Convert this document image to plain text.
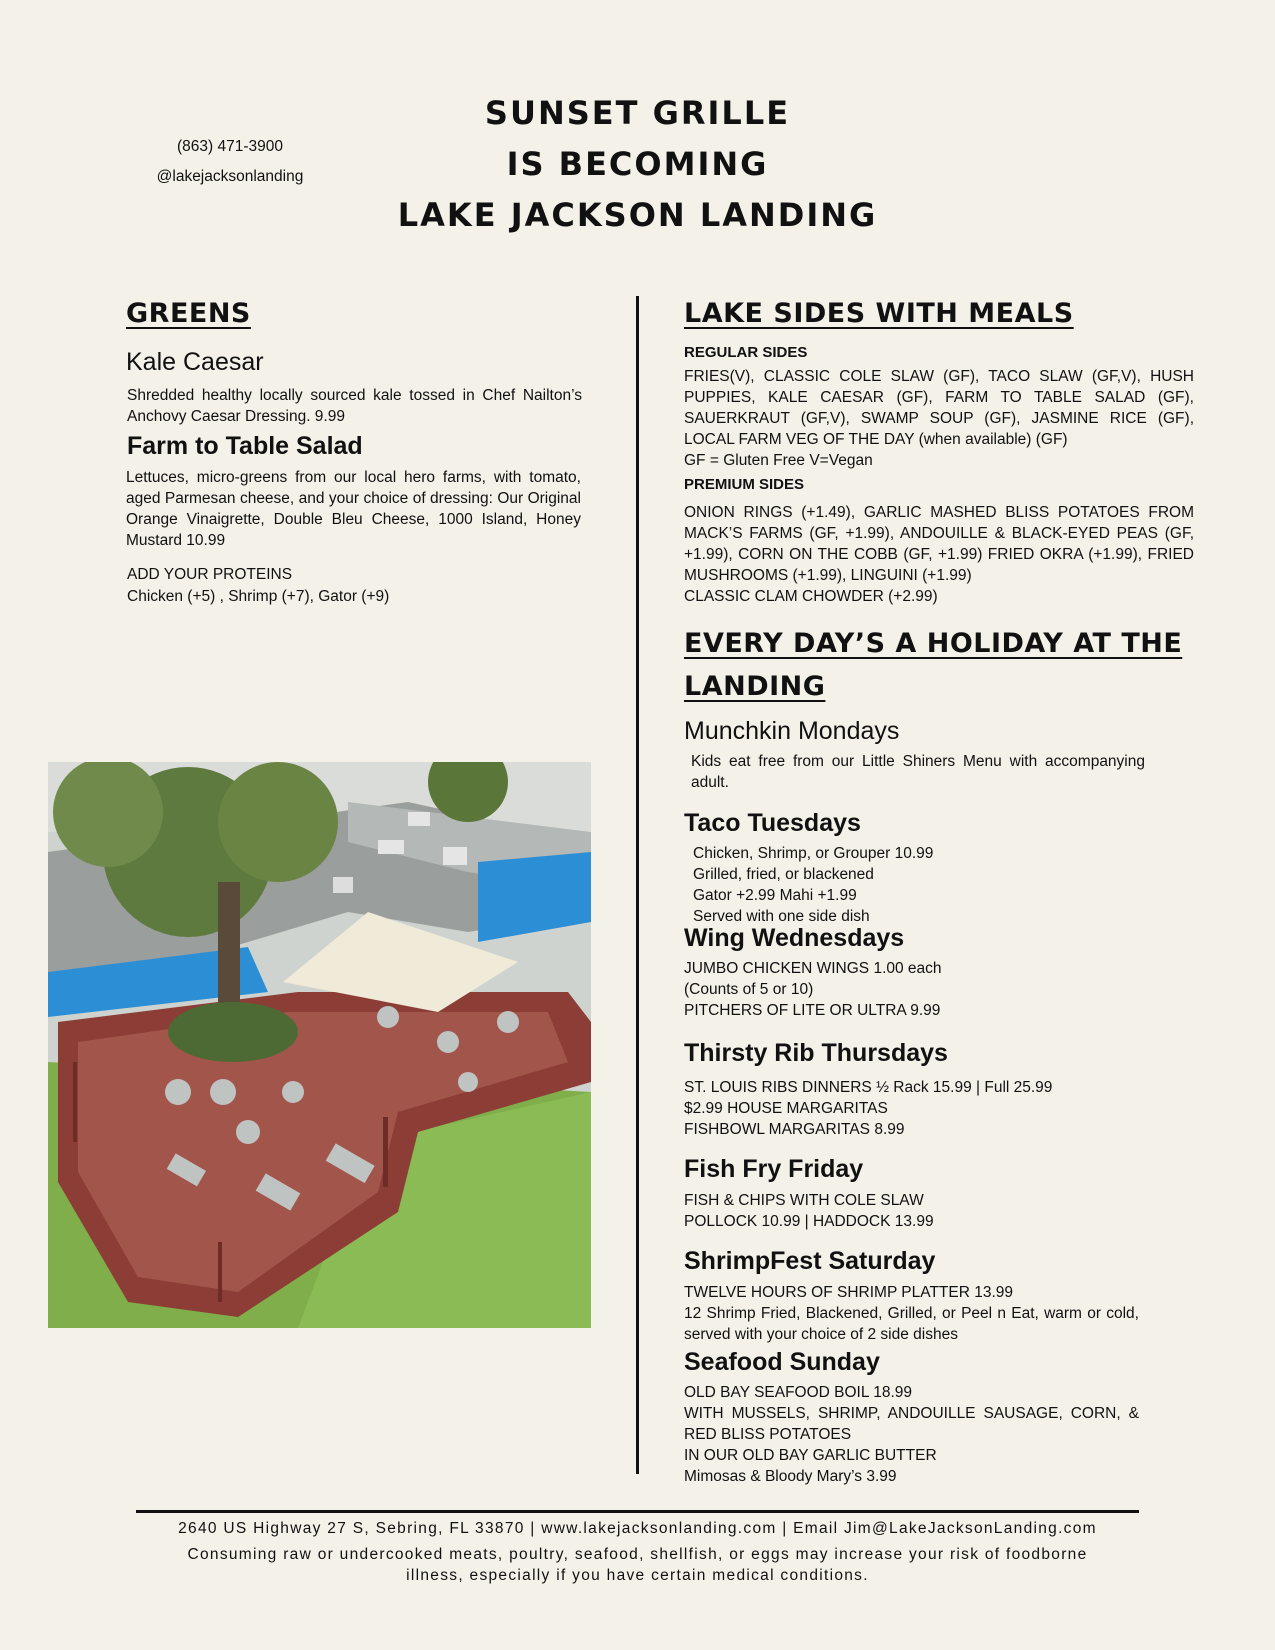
(863) 471-3900
@lakejacksonlanding
SUNSET GRILLE
IS BECOMING
LAKE JACKSON LANDING
GREENS
Kale Caesar
Shredded healthy locally sourced kale tossed in Chef Nailton’s Anchovy Caesar Dressing. 9.99
Farm to Table Salad
Lettuces, micro-greens from our local hero farms, with tomato, aged Parmesan cheese, and your choice of dressing: Our Original Orange Vinaigrette, Double Bleu Cheese, 1000 Island, Honey Mustard 10.99
ADD YOUR PROTEINS
Chicken (+5) , Shrimp (+7), Gator (+9)
LAKE SIDES WITH MEALS
REGULAR SIDES
FRIES(V), CLASSIC COLE SLAW (GF), TACO SLAW (GF,V), HUSH PUPPIES, KALE CAESAR (GF), FARM TO TABLE SALAD (GF), SAUERKRAUT (GF,V), SWAMP SOUP (GF), JASMINE RICE (GF), LOCAL FARM VEG OF THE DAY (when available) (GF)
GF = Gluten Free V=Vegan
PREMIUM SIDES
ONION RINGS (+1.49), GARLIC MASHED BLISS POTATOES FROM MACK’S FARMS (GF, +1.99), ANDOUILLE & BLACK-EYED PEAS (GF, +1.99), CORN ON THE COBB (GF, +1.99) FRIED OKRA (+1.99), FRIED MUSHROOMS (+1.99), LINGUINI (+1.99)
CLASSIC CLAM CHOWDER (+2.99)
EVERY DAY’S A HOLIDAY AT THE
LANDING
Munchkin Mondays
Kids eat free from our Little Shiners Menu with accompanying adult.
Taco Tuesdays
Chicken, Shrimp, or Grouper 10.99
Grilled, fried, or blackened
Gator +2.99 Mahi +1.99
Served with one side dish
Wing Wednesdays
JUMBO CHICKEN WINGS 1.00 each
(Counts of 5 or 10)
PITCHERS OF LITE OR ULTRA 9.99
Thirsty Rib Thursdays
ST. LOUIS RIBS DINNERS ½ Rack 15.99 | Full 25.99
$2.99 HOUSE MARGARITAS
FISHBOWL MARGARITAS 8.99
Fish Fry Friday
FISH & CHIPS WITH COLE SLAW
POLLOCK 10.99 | HADDOCK 13.99
ShrimpFest Saturday
TWELVE HOURS OF SHRIMP PLATTER 13.99
12 Shrimp Fried, Blackened, Grilled, or Peel n Eat, warm or cold, served with your choice of 2 side dishes
Seafood Sunday
OLD BAY SEAFOOD BOIL 18.99
WITH MUSSELS, SHRIMP, ANDOUILLE SAUSAGE, CORN, & RED BLISS POTATOES
IN OUR OLD BAY GARLIC BUTTER
Mimosas & Bloody Mary’s 3.99
2640 US Highway 27 S, Sebring, FL 33870 | www.lakejacksonlanding.com | Email Jim@LakeJacksonLanding.com
Consuming raw or undercooked meats, poultry, seafood, shellfish, or eggs may increase your risk of foodborne
illness, especially if you have certain medical conditions.
